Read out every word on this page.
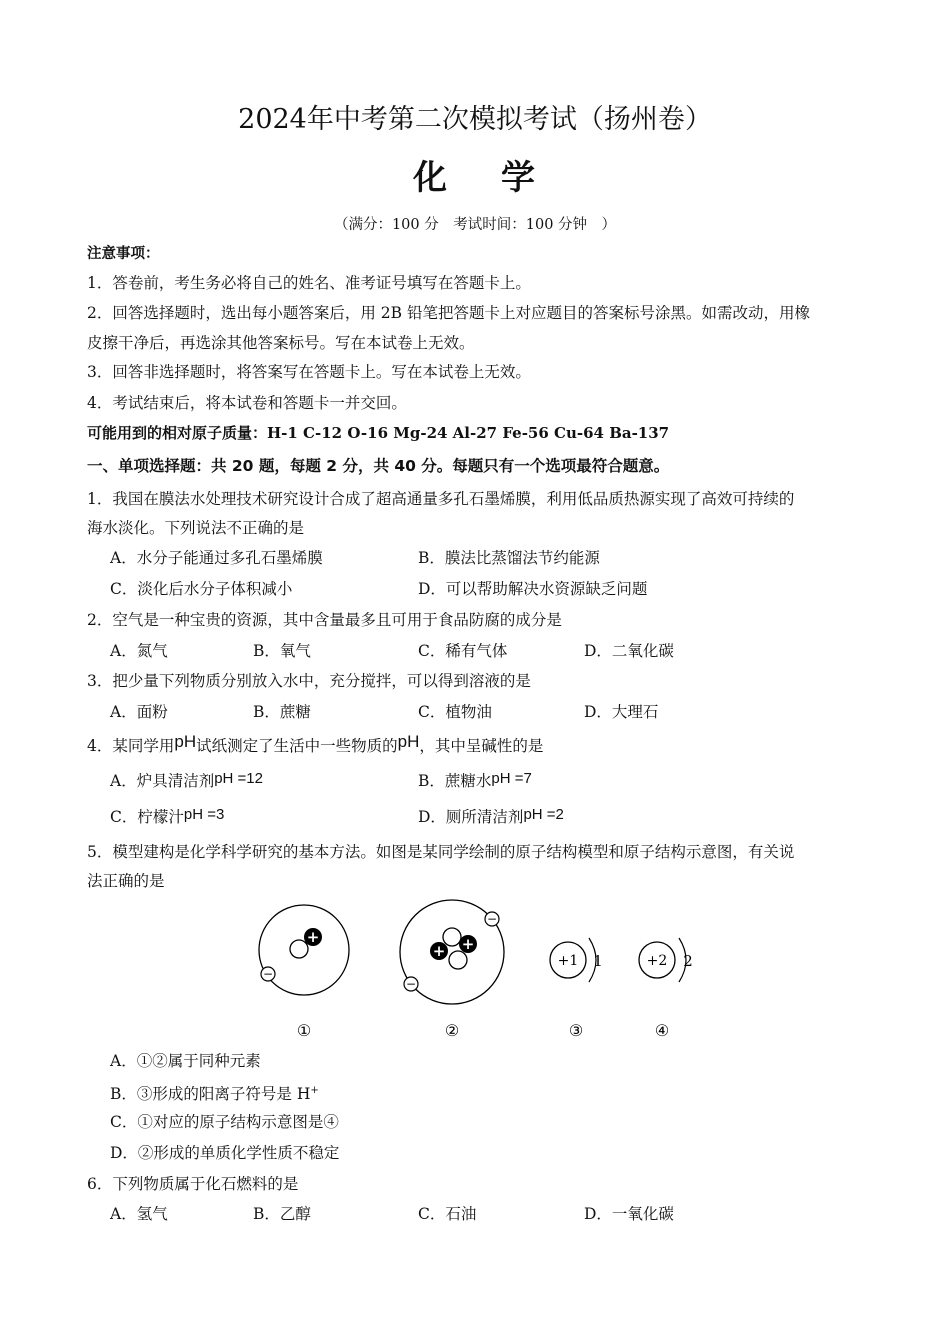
2024年中考第二次模拟考试（扬州卷）
化 学
（满分：100 分　考试时间：100 分钟　）
注意事项：
1．答卷前，考生务必将自己的姓名、准考证号填写在答题卡上。
2．回答选择题时，选出每小题答案后，用 2B 铅笔把答题卡上对应题目的答案标号涂黑。如需改动，用橡
皮擦干净后，再选涂其他答案标号。写在本试卷上无效。
3．回答非选择题时，将答案写在答题卡上。写在本试卷上无效。
4．考试结束后，将本试卷和答题卡一并交回。
可能用到的相对原子质量：H-1 C-12 O-16 Mg-24 Al-27 Fe-56 Cu-64 Ba-137
一、单项选择题：共 20 题，每题 2 分，共 40 分。每题只有一个选项最符合题意。
1．我国在膜法水处理技术研究设计合成了超高通量多孔石墨烯膜，利用低品质热源实现了高效可持续的
海水淡化。下列说法不正确的是
A．水分子能通过多孔石墨烯膜	B．膜法比蒸馏法节约能源
C．淡化后水分子体积减小	D．可以帮助解决水资源缺乏问题
2．空气是一种宝贵的资源，其中含量最多且可用于食品防腐的成分是
A．氮气	B．氧气	C．稀有气体	D．二氧化碳
3．把少量下列物质分别放入水中，充分搅拌，可以得到溶液的是
A．面粉	B．蔗糖	C．植物油	D．大理石
4．某同学用pH试纸测定了生活中一些物质的pH，其中呈碱性的是
A．炉具清洁剂pH =12	B．蔗糖水pH =7
C．柠檬汁pH =3	D．厕所清洁剂pH =2
5．模型建构是化学科学研究的基本方法。如图是某同学绘制的原子结构模型和原子结构示意图，有关说
法正确的是
+
−
+ +
−
−
+1 1	+2 2
①	②	③	④
A．①②属于同种元素
B．③形成的阳离子符号是 H+
C．①对应的原子结构示意图是④
D．②形成的单质化学性质不稳定
6．下列物质属于化石燃料的是
A．氢气	B．乙醇	C．石油	D．一氧化碳
